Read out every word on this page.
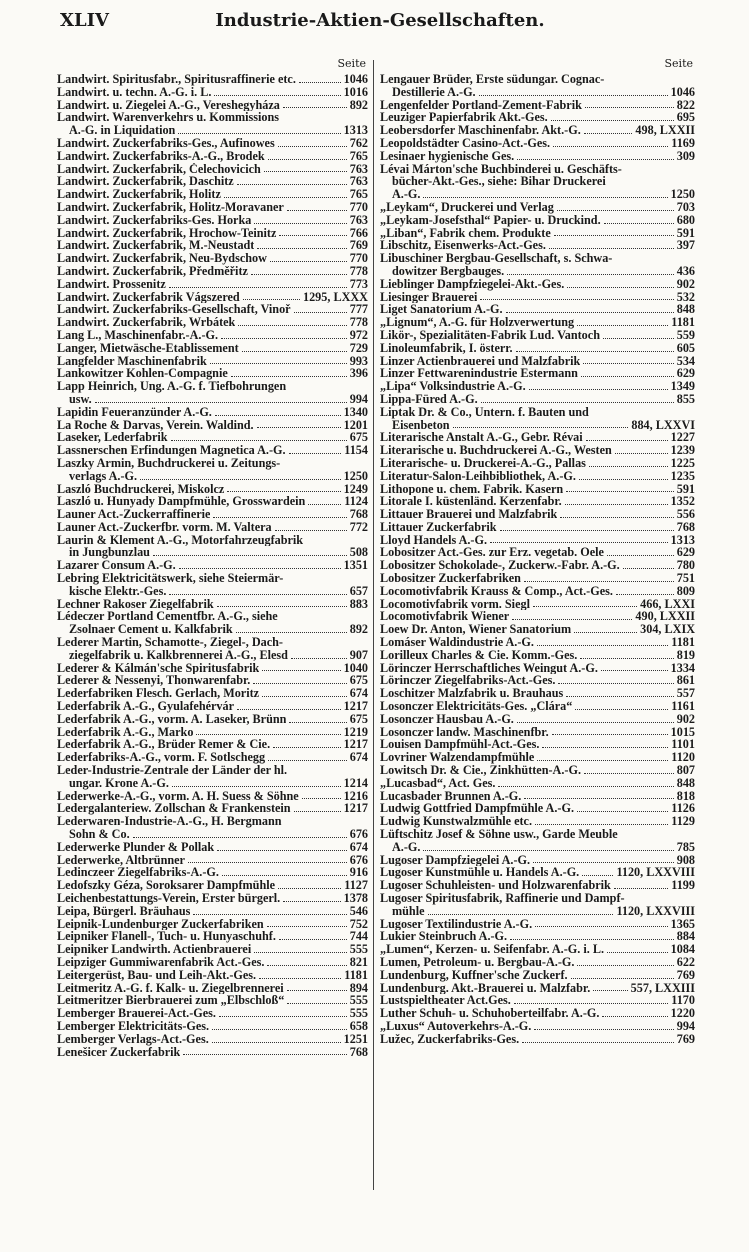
XLIV	Industrie-Aktien-Gesellschaften.
Seite
Landwirt. Spiritusfabr., Spiritusraffinerie etc.	1046
Landwirt. u. techn. A.-G. i. L.	1016
Landwirt. u. Ziegelei A.-G., Vereshegyháza	892
Landwirt. Warenverkehrs u. Kommissions
A.-G. in Liquidation	1313
Landwirt. Zuckerfabriks-Ges., Aufinowes	762
Landwirt. Zuckerfabriks-A.-G., Brodek	765
Landwirt. Zuckerfabrik, Čelechovicich	763
Landwirt. Zuckerfabrik, Daschitz	763
Landwirt. Zuckerfabrik, Holitz	765
Landwirt. Zuckerfabrik, Holitz-Moravaner	770
Landwirt. Zuckerfabriks-Ges. Horka	763
Landwirt. Zuckerfabrik, Hrochow-Teinitz	766
Landwirt. Zuckerfabrik, M.-Neustadt	769
Landwirt. Zuckerfabrik, Neu-Bydschow	770
Landwirt. Zuckerfabrik, Předměřitz	778
Landwirt. Prossenitz	773
Landwirt. Zuckerfabrik Vágszered	1295, LXXX
Landwirt. Zuckerfabriks-Gesellschaft, Vinoř	777
Landwirt. Zuckerfabrik, Wrbátek	778
Lang L., Maschinenfabr.-A.-G.	972
Langer, Mietwäsche-Etablissement	729
Langfelder Maschinenfabrik	993
Lankowitzer Kohlen-Compagnie	396
Lapp Heinrich, Ung. A.-G. f. Tiefbohrungen
usw.	994
Lapidin Feueranzünder A.-G.	1340
La Roche & Darvas, Verein. Waldind.	1201
Laseker, Lederfabrik	675
Lassnerschen Erfindungen Magnetica A.-G.	1154
Laszky Armin, Buchdruckerei u. Zeitungs-
verlags A.-G.	1250
Laszló Buchdruckerei, Miskolcz	1249
Laszló u. Hunyady Dampfmühle, Grosswardein	1124
Launer Act.-Zuckerraffinerie	768
Launer Act.-Zuckerfbr. vorm. M. Valtera	772
Laurin & Klement A.-G., Motorfahrzeugfabrik
in Jungbunzlau	508
Lazarer Consum A.-G.	1351
Lebring Elektricitätswerk, siehe Steiermär-
kische Elektr.-Ges.	657
Lechner Rakoser Ziegelfabrik	883
Lédeczer Portland Cementfbr. A.-G., siehe
Zsolnaer Cement u. Kalkfabrik	892
Lederer Martin, Schamotte-, Ziegel-, Dach-
ziegelfabrik u. Kalkbrennerei A.-G., Elesd	907
Lederer & Kálmán'sche Spiritusfabrik	1040
Lederer & Nessenyi, Thonwarenfabr.	675
Lederfabriken Flesch. Gerlach, Moritz	674
Lederfabrik A.-G., Gyulafehérvár	1217
Lederfabrik A.-G., vorm. A. Laseker, Brünn	675
Lederfabrik A.-G., Marko	1219
Lederfabrik A.-G., Brüder Remer & Cie.	1217
Lederfabriks-A.-G., vorm. F. Sotlschegg	674
Leder-Industrie-Zentrale der Länder der hl.
ungar. Krone A.-G.	1214
Lederwerke-A.-G., vorm. A. H. Suess & Söhne	1216
Ledergalanteriew. Zollschan & Frankenstein	1217
Lederwaren-Industrie-A.-G., H. Bergmann
Sohn & Co.	676
Lederwerke Plunder & Pollak	674
Lederwerke, Altbrünner	676
Ledinczeer Ziegelfabriks-A.-G.	916
Ledofszky Géza, Soroksarer Dampfmühle	1127
Leichenbestattungs-Verein, Erster bürgerl.	1378
Leipa, Bürgerl. Bräuhaus	546
Leipnik-Lundenburger Zuckerfabriken	752
Leipniker Flanell-, Tuch- u. Hunyaschuhf.	744
Leipniker Landwirth. Actienbrauerei	555
Leipziger Gummiwarenfabrik Act.-Ges.	821
Leitergerüst, Bau- und Leih-Akt.-Ges.	1181
Leitmeritz A.-G. f. Kalk- u. Ziegelbrennerei	894
Leitmeritzer Bierbrauerei zum „Elbschloß“	555
Lemberger Brauerei-Act.-Ges.	555
Lemberger Elektricitäts-Ges.	658
Lemberger Verlags-Act.-Ges.	1251
Lenešicer Zuckerfabrik	768
Seite
Lengauer Brüder, Erste südungar. Cognac-
Destillerie A.-G.	1046
Lengenfelder Portland-Zement-Fabrik	822
Leuziger Papierfabrik Akt.-Ges.	695
Leobersdorfer Maschinenfabr. Akt.-G.	498, LXXII
Leopoldstädter Casino-Act.-Ges.	1169
Lesinaer hygienische Ges.	309
Lévai Márton'sche Buchbinderei u. Geschäfts-
bücher-Akt.-Ges., siehe: Bihar Druckerei
A.-G.	1250
„Leykam“, Druckerei und Verlag	703
„Leykam-Josefsthal“ Papier- u. Druckind.	680
„Liban“, Fabrik chem. Produkte	591
Libschitz, Eisenwerks-Act.-Ges.	397
Libuschiner Bergbau-Gesellschaft, s. Schwa-
dowitzer Bergbauges.	436
Lieblinger Dampfziegelei-Akt.-Ges.	902
Liesinger Brauerei	532
Liget Sanatorium A.-G.	848
„Lignum“, A.-G. für Holzverwertung	1181
Likör-, Spezialitäten-Fabrik Lud. Vantoch	559
Linoleumfabrik, I. österr.	605
Linzer Actienbrauerei und Malzfabrik	534
Linzer Fettwarenindustrie Estermann	629
„Lipa“ Volksindustrie A.-G.	1349
Lippa-Füred A.-G.	855
Liptak Dr. & Co., Untern. f. Bauten und
Eisenbeton	884, LXXVI
Literarische Anstalt A.-G., Gebr. Révai	1227
Literarische u. Buchdruckerei A.-G., Westen	1239
Literarische- u. Druckerei-A.-G., Pallas	1225
Literatur-Salon-Leihbibliothek, A.-G.	1235
Lithopone u. chem. Fabrik. Kasern	591
Litorale I. küstenländ. Kerzenfabr.	1352
Littauer Brauerei und Malzfabrik	556
Littauer Zuckerfabrik	768
Lloyd Handels A.-G.	1313
Lobositzer Act.-Ges. zur Erz. vegetab. Oele	629
Lobositzer Schokolade-, Zuckerw.-Fabr. A.-G.	780
Lobositzer Zuckerfabriken	751
Locomotivfabrik Krauss & Comp., Act.-Ges.	809
Locomotivfabrik vorm. Siegl	466, LXXI
Locomotivfabrik Wiener	490, LXXII
Loew Dr. Anton, Wiener Sanatorium	304, LXIX
Lomáser Waldindustrie A.-G.	1181
Lorilleux Charles & Cie. Komm.-Ges.	819
Lörinczer Herrschaftliches Weingut A.-G.	1334
Lörinczer Ziegelfabriks-Act.-Ges.	861
Loschitzer Malzfabrik u. Brauhaus	557
Losonczer Elektricitäts-Ges. „Clára“	1161
Losonczer Hausbau A.-G.	902
Losonczer landw. Maschinenfbr.	1015
Louisen Dampfmühl-Act.-Ges.	1101
Lovriner Walzendampfmühle	1120
Lowitsch Dr. & Cie., Zinkhütten-A.-G.	807
„Lucasbad“, Act. Ges.	848
Lucasbader Brunnen A.-G.	818
Ludwig Gottfried Dampfmühle A.-G.	1126
Ludwig Kunstwalzmühle etc.	1129
Lüftschitz Josef & Söhne usw., Garde Meuble
A.-G.	785
Lugoser Dampfziegelei A.-G.	908
Lugoser Kunstmühle u. Handels A.-G.	1120, LXXVIII
Lugoser Schuhleisten- und Holzwarenfabrik	1199
Lugoser Spiritusfabrik, Raffinerie und Dampf-
mühle	1120, LXXVIII
Lugoser Textilindustrie A.-G.	1365
Lukier Steinbruch A.-G.	884
„Lumen“, Kerzen- u. Seifenfabr. A.-G. i. L.	1084
Lumen, Petroleum- u. Bergbau-A.-G.	622
Lundenburg, Kuffner'sche Zuckerf.	769
Lundenburg. Akt.-Brauerei u. Malzfabr.	557, LXXIII
Lustspieltheater Act.Ges.	1170
Luther Schuh- u. Schuhoberteilfabr. A.-G.	1220
„Luxus“ Autoverkehrs-A.-G.	994
Lužec, Zuckerfabriks-Ges.	769
